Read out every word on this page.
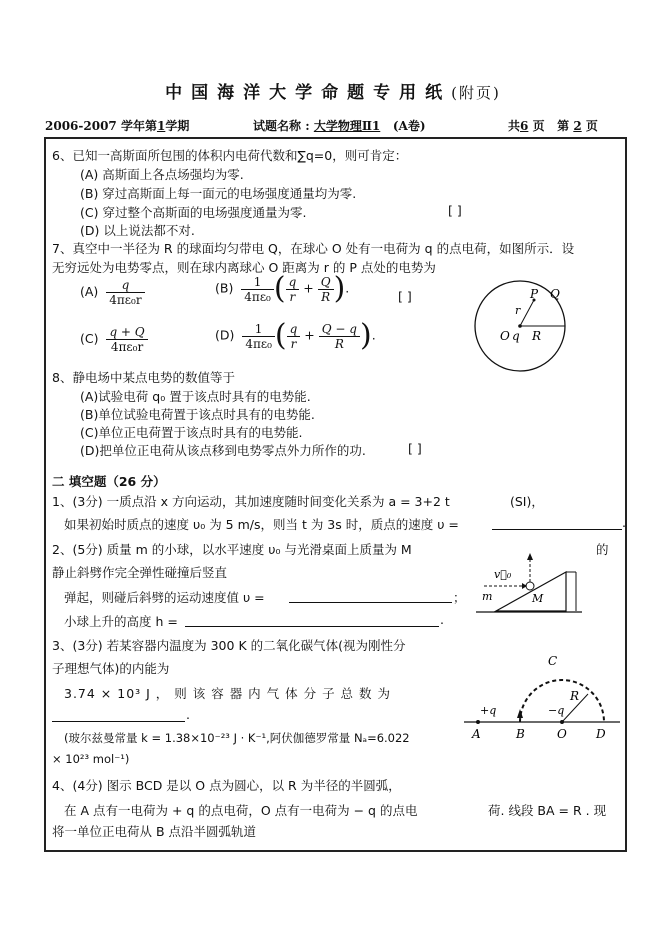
中国海洋大学命题专用纸(附页)
2006-2007 学年第1学期	试题名称 : 大学物理Ⅱ1 (A卷)	共6 页 第 2 页
6、已知一高斯面所包围的体积内电荷代数和∑q=0，则可肯定：
(A) 高斯面上各点场强均为零.
(B) 穿过高斯面上每一面元的电场强度通量均为零.
(C) 穿过整个高斯面的电场强度通量为零.	[ ]
(D) 以上说法都不对.
7、真空中一半径为 R 的球面均匀带电 Q，在球心 O 处有一电荷为 q 的点电荷，如图所示．设
无穷远处为电势零点，则在球内离球心 O 距离为 r 的 P 点处的电势为
$(A) \frac{q}{\text{4πε₀r}}$	$(B) \frac{1}{\text{4πε₀}}$ ( $\frac{q}{r} + \frac{Q}{R}$ ).
[ ]
$(C) \frac{q + Q}{\text{4πε₀r}}$	$(D) \frac{1}{\text{4πε₀}}$ ( $\frac{q}{r} + \frac{Q - q}{R}$ ).
P Q
r
O q R
8、静电场中某点电势的数值等于
(A)试验电荷 q₀ 置于该点时具有的电势能.
(B)单位试验电荷置于该点时具有的电势能.
(C)单位正电荷置于该点时具有的电势能.
(D)把单位正电荷从该点移到电势零点外力所作的功.	[ ]
二 填空题（26 分）
1、(3分) 一质点沿 x 方向运动，其加速度随时间变化关系为 a = 3+2 t	(SI)，
如果初始时质点的速度 υ₀ 为 5 m/s，则当 t 为 3s 时，质点的速度 υ =	.
2、(5分) 质量 m 的小球，以水平速度 υ₀ 与光滑桌面上质量为 M	的
静止斜劈作完全弹性碰撞后竖直
弹起，则碰后斜劈的运动速度值 υ =	；
小球上升的高度 h =	.
v⃗₀
m	M
3、(3分) 若某容器内温度为 300 K 的二氧化碳气体(视为刚性分
子理想气体)的内能为
3.74 × 10³ J ， 则 该 容 器 内 气 体 分 子 总 数 为
.
(玻尔兹曼常量 k = 1.38×10⁻²³ J · K⁻¹,阿伏伽德罗常量 Nₐ=6.022
× 10²³ mol⁻¹)
C
R
+q	−q
A	B	O D
4、(4分) 图示 BCD 是以 O 点为圆心，以 R 为半径的半圆弧，
在 A 点有一电荷为 + q 的点电荷，O 点有一电荷为 − q 的点电	荷. 线段 BA = R . 现
将一单位正电荷从 B 点沿半圆弧轨道
